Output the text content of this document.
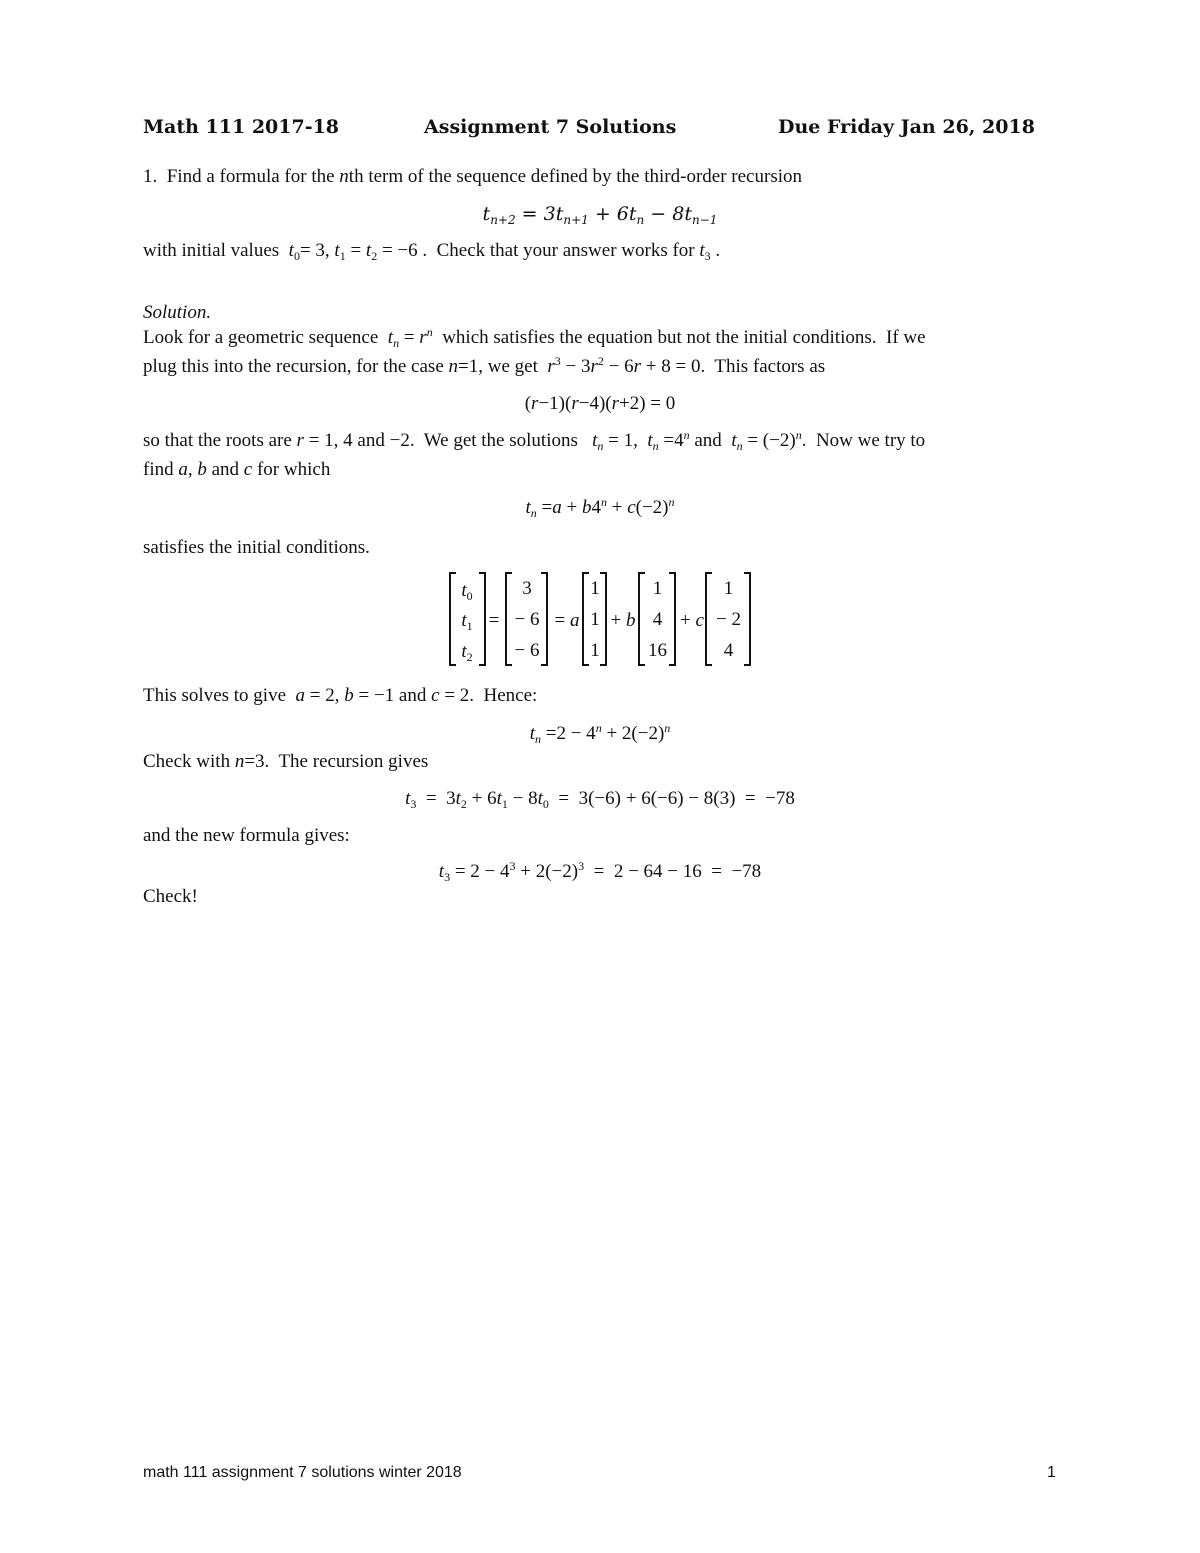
Math 111 2017-18	Assignment 7 Solutions	Due Friday Jan 26, 2018
1.  Find a formula for the nth term of the sequence defined by the third-order recursion
$t_{n+2} = 3t_{n+1} + 6t_n - 8t_{n-1}$
with initial values  $t_0= 3$, $t_1 = t_2 = -6$ .  Check that your answer works for $t_3$ .
Solution.
Look for a geometric sequence  $t_n = r^n$  which satisfies the equation but not the initial conditions.  If we
plug this into the recursion, for the case n=1, we get  $r^3 - 3r^2 - 6r + 8 = 0$.  This factors as
(r−1)(r−4)(r+2) = 0
so that the roots are r = 1, 4 and −2.  We get the solutions   $t_n = 1$,  $t_n =4^n$ and  $t_n = (-2)^n$.  Now we try to
find a, b and c for which
$t_n =a + b4^n + c(-2)^n$
satisfies the initial conditions.
$t_0$
$t_1$
$t_2$
=
3
− 6
− 6
= a
1
1
1
+ b
1
4
16
+ c
1
− 2
4
This solves to give  a = 2, b = −1 and c = 2.  Hence:
$t_n =2 - 4^n + 2(-2)^n$
Check with n=3.  The recursion gives
$t_3 = 3t_2 + 6t_1 - 8t_0 = 3(-6) + 6(-6) - 8(3) = -78$
and the new formula gives:
$t_3 = 2 - 4^3 + 2(-2)^3 = 2 - 64 - 16 = -78$
Check!
math 111 assignment 7 solutions winter 2018	1
